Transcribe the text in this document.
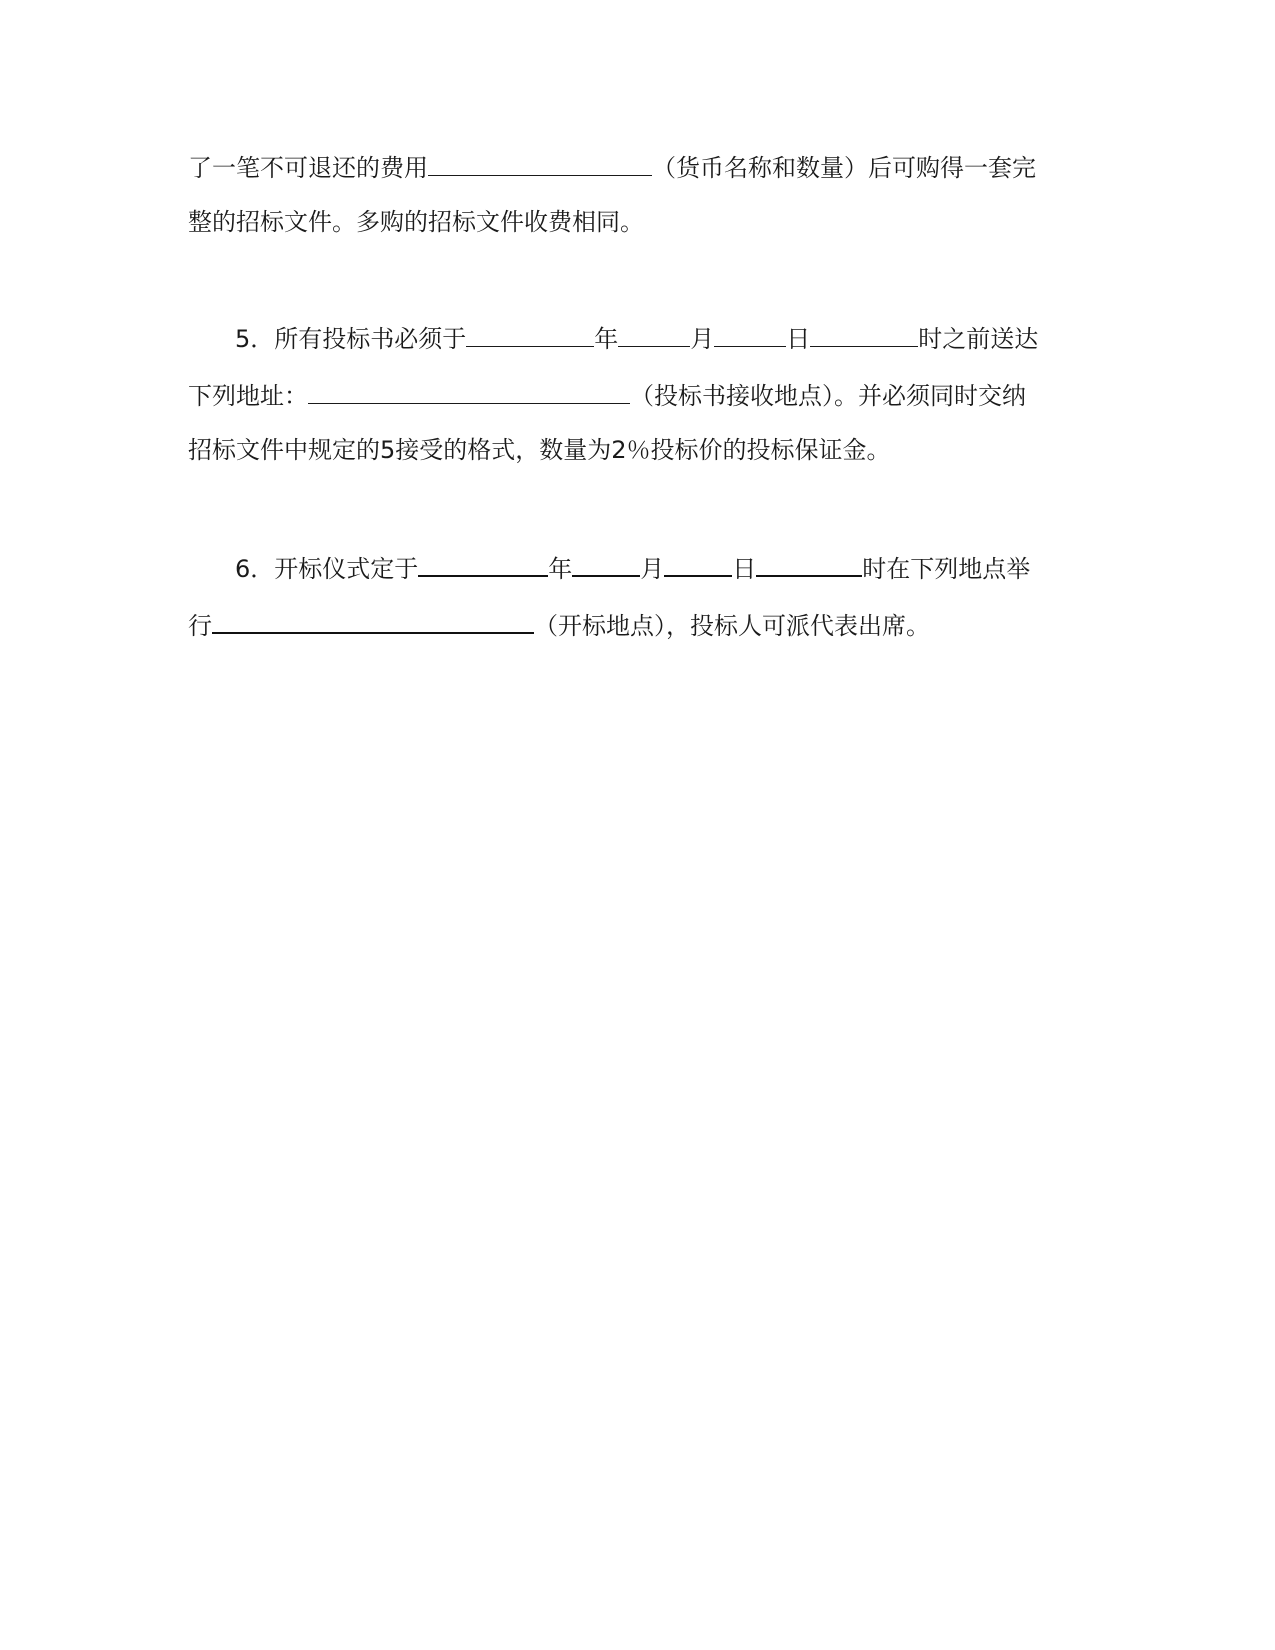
了一笔不可退还的费用	（货币名称和数量）后可购得一套完
整的招标文件。多购的招标文件收费相同。
5．所有投标书必须于	年	月	日	时之前送达
下列地址：	（投标书接收地点）。并必须同时交纳
招标文件中规定的5接受的格式，数量为2％投标价的投标保证金。
6．开标仪式定于	年	月	日	时在下列地点举
行	（开标地点），投标人可派代表出席。
